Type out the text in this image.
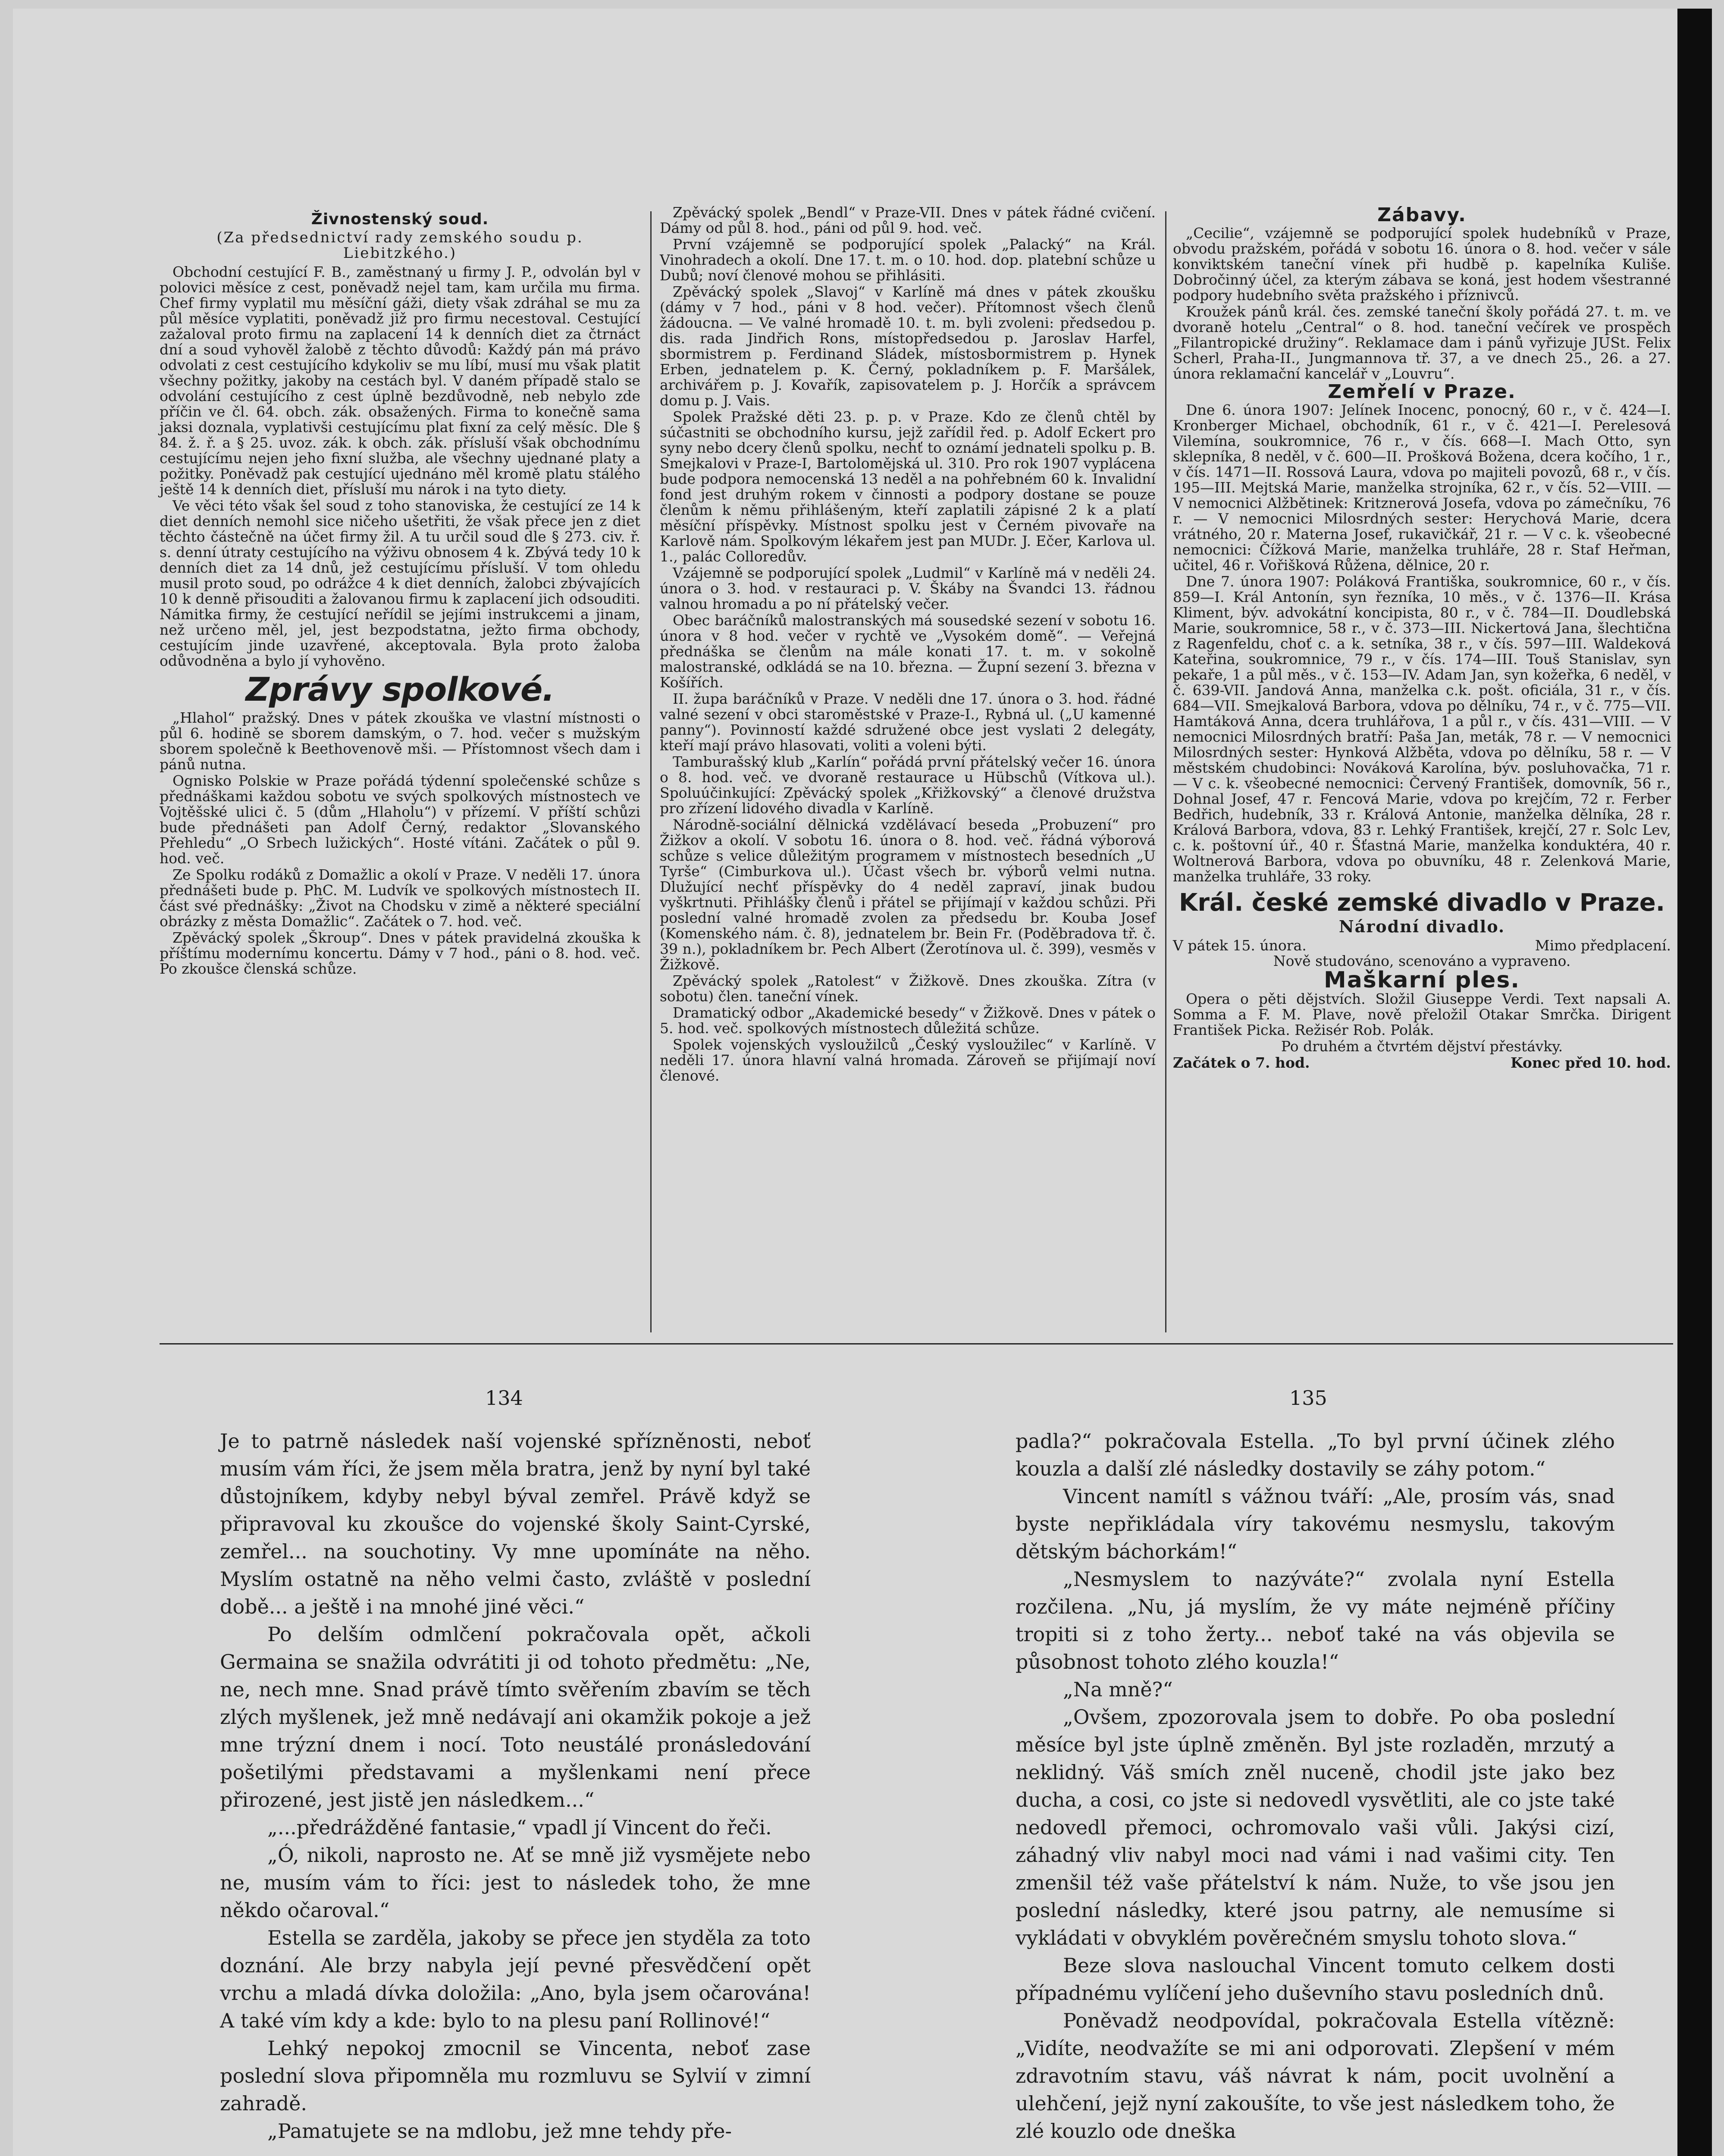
Živnostenský soud.
(Za předsednictví rady zemského soudu p. Liebitzkého.)

Obchodní cestující F. B., zaměstnaný u firmy J. P., odvolán byl v polovici měsíce z cest, poněvadž nejel tam, kam určila mu firma. Chef firmy vyplatil mu měsíční gáži, diety však zdráhal se mu za půl měsíce vyplatiti, poněvadž již pro firmu necestoval. Cestující zažaloval proto firmu na zaplacení 14 k denních diet za čtrnáct dní a soud vyhověl žalobě z těchto důvodů: Každý pán má právo odvolati z cest cestujícího kdykoliv se mu líbí, musí mu však platit všechny požitky, jakoby na cestách byl. V daném případě stalo se odvolání cestujícího z cest úplně bezdůvodně, neb nebylo zde příčin ve čl. 64. obch. zák. obsažených. Firma to konečně sama jaksi doznala, vyplativši cestujícímu plat fixní za celý měsíc. Dle § 84. ž. ř. a § 25. uvoz. zák. k obch. zák. přísluší však obchodnímu cestujícímu nejen jeho fixní služba, ale všechny ujednané platy a požitky. Poněvadž pak cestující ujednáno měl kromě platu stálého ještě 14 k denních diet, přísluší mu nárok i na tyto diety.

Ve věci této však šel soud z toho stanoviska, že cestující ze 14 k diet denních nemohl sice ničeho ušetřiti, že však přece jen z diet těchto částečně na účet firmy žil. A tu určil soud dle § 273. civ. ř. s. denní útraty cestujícího na výživu obnosem 4 k. Zbývá tedy 10 k denních diet za 14 dnů, jež cestujícímu přísluší. V tom ohledu musil proto soud, po odrážce 4 k diet denních, žalobci zbývajících 10 k denně přisouditi a žalovanou firmu k zaplacení jich odsouditi. Námitka firmy, že cestující neřídil se jejími instrukcemi a jinam, než určeno měl, jel, jest bezpodstatna, ježto firma obchody, cestujícím jinde uzavřené, akceptovala. Byla proto žaloba odůvodněna a bylo jí vyhověno.

Zprávy spolkové.

„Hlahol“ pražský. Dnes v pátek zkouška ve vlastní místnosti o půl 6. hodině se sborem damským, o 7. hod. večer s mužským sborem společně k Beethovenově mši. — Přístomnost všech dam i pánů nutna.

Ognisko Polskie w Praze pořádá týdenní společenské schůze s přednáškami každou sobotu ve svých spolkových místnostech ve Vojtěšské ulici č. 5 (dům „Hlaholu“) v přízemí. V příští schůzi bude přednášeti pan Adolf Černý, redaktor „Slovanského Přehledu“ „O Srbech lužických“. Hosté vítáni. Začátek o půl 9. hod. več.

Ze Spolku rodáků z Domažlic a okolí v Praze. V neděli 17. února přednášeti bude p. PhC. M. Ludvík ve spolkových místnostech II. část své přednášky: „Život na Chodsku v zimě a některé speciální obrázky z města Domažlic“. Začátek o 7. hod. več.

Zpěvácký spolek „Škroup“. Dnes v pátek pravidelná zkouška k příštímu modernímu koncertu. Dámy v 7 hod., páni o 8. hod. več. Po zkoušce členská schůze.

Zpěvácký spolek „Bendl“ v Praze-VII. Dnes v pátek řádné cvičení. Dámy od půl 8. hod., páni od půl 9. hod. več.

První vzájemně se podporující spolek „Palacký“ na Král. Vinohradech a okolí. Dne 17. t. m. o 10. hod. dop. platební schůze u Dubů; noví členové mohou se přihlásiti.

Zpěvácký spolek „Slavoj“ v Karlíně má dnes v pátek zkoušku (dámy v 7 hod., páni v 8 hod. večer). Přítomnost všech členů žádoucna. — Ve valné hromadě 10. t. m. byli zvoleni: předsedou p. dis. rada Jindřich Rons, místopředsedou p. Jaroslav Harfel, sbormistrem p. Ferdinand Sládek, místosbormistrem p. Hynek Erben, jednatelem p. K. Černý, pokladníkem p. F. Maršálek, archivářem p. J. Kovařík, zapisovatelem p. J. Horčík a správcem domu p. J. Vais.

Spolek Pražské děti 23. p. p. v Praze. Kdo ze členů chtěl by súčastniti se obchodního kursu, jejž zařídil řed. p. Adolf Eckert pro syny nebo dcery členů spolku, nechť to oznámí jednateli spolku p. B. Smejkalovi v Praze-I, Bartolomějská ul. 310. Pro rok 1907 vyplácena bude podpora nemocenská 13 neděl a na pohřebném 60 k. Invalidní fond jest druhým rokem v činnosti a podpory dostane se pouze členům k němu přihlášeným, kteří zaplatili zápisné 2 k a platí měsíční příspěvky. Místnost spolku jest v Černém pivovaře na Karlově nám. Spolkovým lékařem jest pan MUDr. J. Ečer, Karlova ul. 1., palác Colloredův.

Vzájemně se podporující spolek „Ludmil“ v Karlíně má v neděli 24. února o 3. hod. v restauraci p. V. Škáby na Švandci 13. řádnou valnou hromadu a po ní přátelský večer.

Obec baráčníků malostranských má sousedské sezení v sobotu 16. února v 8 hod. večer v rychtě ve „Vysokém domě“. — Veřejná přednáška se členům na mále konati 17. t. m. v sokolně malostranské, odkládá se na 10. března. — Župní sezení 3. března v Košířích.

II. župa baráčníků v Praze. V neděli dne 17. února o 3. hod. řádné valné sezení v obci staroměstské v Praze-I., Rybná ul. („U kamenné panny“). Povinností každé sdružené obce jest vyslati 2 delegáty, kteří mají právo hlasovati, voliti a voleni býti.

Tamburašský klub „Karlín“ pořádá první přátelský večer 16. února o 8. hod. več. ve dvoraně restaurace u Hübschů (Vítkova ul.). Spoluúčinkující: Zpěvácký spolek „Křižkovský“ a členové družstva pro zřízení lidového divadla v Karlíně.

Národně-sociální dělnická vzdělávací beseda „Probuzení“ pro Žižkov a okolí. V sobotu 16. února o 8. hod. več. řádná výborová schůze s velice důležitým programem v místnostech besedních „U Tyrše“ (Cimburkova ul.). Účast všech br. výborů velmi nutna. Dlužující nechť příspěvky do 4 neděl zapraví, jinak budou vyškrtnuti. Přihlášky členů i přátel se přijímají v každou schůzi. Při poslední valné hromadě zvolen za předsedu br. Kouba Josef (Komenského nám. č. 8), jednatelem br. Bein Fr. (Poděbradova tř. č. 39 n.), pokladníkem br. Pech Albert (Žerotínova ul. č. 399), vesměs v Žižkově.

Zpěvácký spolek „Ratolest“ v Žižkově. Dnes zkouška. Zítra (v sobotu) člen. taneční vínek.

Dramatický odbor „Akademické besedy“ v Žižkově. Dnes v pátek o 5. hod. več. spolkových místnostech důležitá schůze.

Spolek vojenských vysloužilců „Český vysloužilec“ v Karlíně. V neděli 17. února hlavní valná hromada. Zároveň se přijímají noví členové.

Zábavy.

„Cecilie“, vzájemně se podporující spolek hudebníků v Praze, obvodu pražském, pořádá v sobotu 16. února o 8. hod. večer v sále konviktském taneční vínek při hudbě p. kapelníka Kuliše. Dobročinný účel, za kterým zábava se koná, jest hodem všestranné podpory hudebního světa pražského i příznivců.

Kroužek pánů král. čes. zemské taneční školy pořádá 27. t. m. ve dvoraně hotelu „Central“ o 8. hod. taneční večírek ve prospěch „Filantropické družiny“. Reklamace dam i pánů vyřizuje JUSt. Felix Scherl, Praha-II., Jungmannova tř. 37, a ve dnech 25., 26. a 27. února reklamační kancelář v „Louvru“.

Zemřelí v Praze.

Dne 6. února 1907: Jelínek Inocenc, ponocný, 60 r., v č. 424—I. Kronberger Michael, obchodník, 61 r., v č. 421—I. Perelesová Vilemína, soukromnice, 76 r., v čís. 668—I. Mach Otto, syn sklepníka, 8 neděl, v č. 600—II. Prošková Božena, dcera kočího, 1 r., v čís. 1471—II. Rossová Laura, vdova po majiteli povozů, 68 r., v čís. 195—III. Mejtská Marie, manželka strojníka, 62 r., v čís. 52—VIII. — V nemocnici Alžbětinek: Kritznerová Josefa, vdova po zámečníku, 76 r. — V nemocnici Milosrdných sester: Herychová Marie, dcera vrátného, 20 r. Materna Josef, rukavičkář, 21 r. — V c. k. všeobecné nemocnici: Čížková Marie, manželka truhláře, 28 r. Staf Heřman, učitel, 46 r. Vořišková Růžena, dělnice, 20 r.

Dne 7. února 1907: Poláková Františka, soukromnice, 60 r., v čís. 859—I. Král Antonín, syn řezníka, 10 měs., v č. 1376—II. Krása Kliment, býv. advokátní koncipista, 80 r., v č. 784—II. Doudlebská Marie, soukromnice, 58 r., v č. 373—III. Nickertová Jana, šlechtična z Ragenfeldu, choť c. a k. setníka, 38 r., v čís. 597—III. Waldeková Kateřina, soukromnice, 79 r., v čís. 174—III. Touš Stanislav, syn pekaře, 1 a půl měs., v č. 153—IV. Adam Jan, syn kožeřka, 6 neděl, v č. 639-VII. Jandová Anna, manželka c.k. pošt. oficiála, 31 r., v čís. 684—VII. Smejkalová Barbora, vdova po dělníku, 74 r., v č. 775—VII. Hamtáková Anna, dcera truhlářova, 1 a půl r., v čís. 431—VIII. — V nemocnici Milosrdných bratří: Paša Jan, meták, 78 r. — V nemocnici Milosrdných sester: Hynková Alžběta, vdova po dělníku, 58 r. — V městském chudobinci: Nováková Karolína, býv. posluhovačka, 71 r. — V c. k. všeobecné nemocnici: Červený František, domovník, 56 r., Dohnal Josef, 47 r. Fencová Marie, vdova po krejčím, 72 r. Ferber Bedřich, hudebník, 33 r. Králová Antonie, manželka dělníka, 28 r. Králová Barbora, vdova, 83 r. Lehký František, krejčí, 27 r. Solc Lev, c. k. poštovní úř., 40 r. Šťastná Marie, manželka konduktéra, 40 r. Woltnerová Barbora, vdova po obuvníku, 48 r. Zelenková Marie, manželka truhláře, 33 roky.

Král. české zemské divadlo v Praze.
Národní divadlo.
V pátek 15. února.	Mimo předplacení.

Nově studováno, scenováno a vypraveno.

Maškarní ples.

Opera o pěti dějstvích. Složil Giuseppe Verdi. Text napsali A. Somma a F. M. Plave, nově přeložil Otakar Smrčka. Dirigent František Picka. Režisér Rob. Polák.

Po druhém a čtvrtém dějství přestávky.

Začátek o 7. hod.	Konec před 10. hod.
134	135

Je to patrně následek naší vojenské spřízněnosti, neboť musím vám říci, že jsem měla bratra, jenž by nyní byl také důstojníkem, kdyby nebyl býval zemřel. Právě když se připravoval ku zkoušce do vojenské školy Saint-Cyrské, zemřel... na souchotiny. Vy mne upomínáte na něho. Myslím ostatně na něho velmi často, zvláště v poslední době... a ještě i na mnohé jiné věci.“

Po delším odmlčení pokračovala opět, ačkoli Germaina se snažila odvrátiti ji od tohoto předmětu: „Ne, ne, nech mne. Snad právě tímto svěřením zbavím se těch zlých myšlenek, jež mně nedávají ani okamžik pokoje a jež mne trýzní dnem i nocí. Toto neustálé pronásledování pošetilými představami a myšlenkami není přece přirozené, jest jistě jen následkem...“

„...předrážděné fantasie,“ vpadl jí Vincent do řeči.

„Ó, nikoli, naprosto ne. Ať se mně již vysmějete nebo ne, musím vám to říci: jest to následek toho, že mne někdo očaroval.“

Estella se zarděla, jakoby se přece jen styděla za toto doznání. Ale brzy nabyla její pevné přesvědčení opět vrchu a mladá dívka doložila: „Ano, byla jsem očarována! A také vím kdy a kde: bylo to na plesu paní Rollinové!“

Lehký nepokoj zmocnil se Vincenta, neboť zase poslední slova připomněla mu rozmluvu se Sylvií v zimní zahradě.

„Pamatujete se na mdlobu, jež mne tehdy pře-

padla?“ pokračovala Estella. „To byl první účinek zlého kouzla a další zlé následky dostavily se záhy potom.“

Vincent namítl s vážnou tváří: „Ale, prosím vás, snad byste nepřikládala víry takovému nesmyslu, takovým dětským báchorkám!“

„Nesmyslem to nazýváte?“ zvolala nyní Estella rozčilena. „Nu, já myslím, že vy máte nejméně příčiny tropiti si z toho žerty... neboť také na vás objevila se působnost tohoto zlého kouzla!“

„Na mně?“

„Ovšem, zpozorovala jsem to dobře. Po oba poslední měsíce byl jste úplně změněn. Byl jste rozladěn, mrzutý a neklidný. Váš smích zněl nuceně, chodil jste jako bez ducha, a cosi, co jste si nedovedl vysvětliti, ale co jste také nedovedl přemoci, ochromovalo vaši vůli. Jakýsi cizí, záhadný vliv nabyl moci nad vámi i nad vašimi city. Ten zmenšil též vaše přátelství k nám. Nuže, to vše jsou jen poslední následky, které jsou patrny, ale nemusíme si vykládati v obvyklém pověrečném smyslu tohoto slova.“

Beze slova naslouchal Vincent tomuto celkem dosti případnému vylíčení jeho duševního stavu posledních dnů.

Poněvadž neodpovídal, pokračovala Estella vítězně: „Vidíte, neodvažíte se mi ani odporovati. Zlepšení v mém zdravotním stavu, váš návrat k nám, pocit uvolnění a ulehčení, jejž nyní zakoušíte, to vše jest následkem toho, že zlé kouzlo ode dneška
